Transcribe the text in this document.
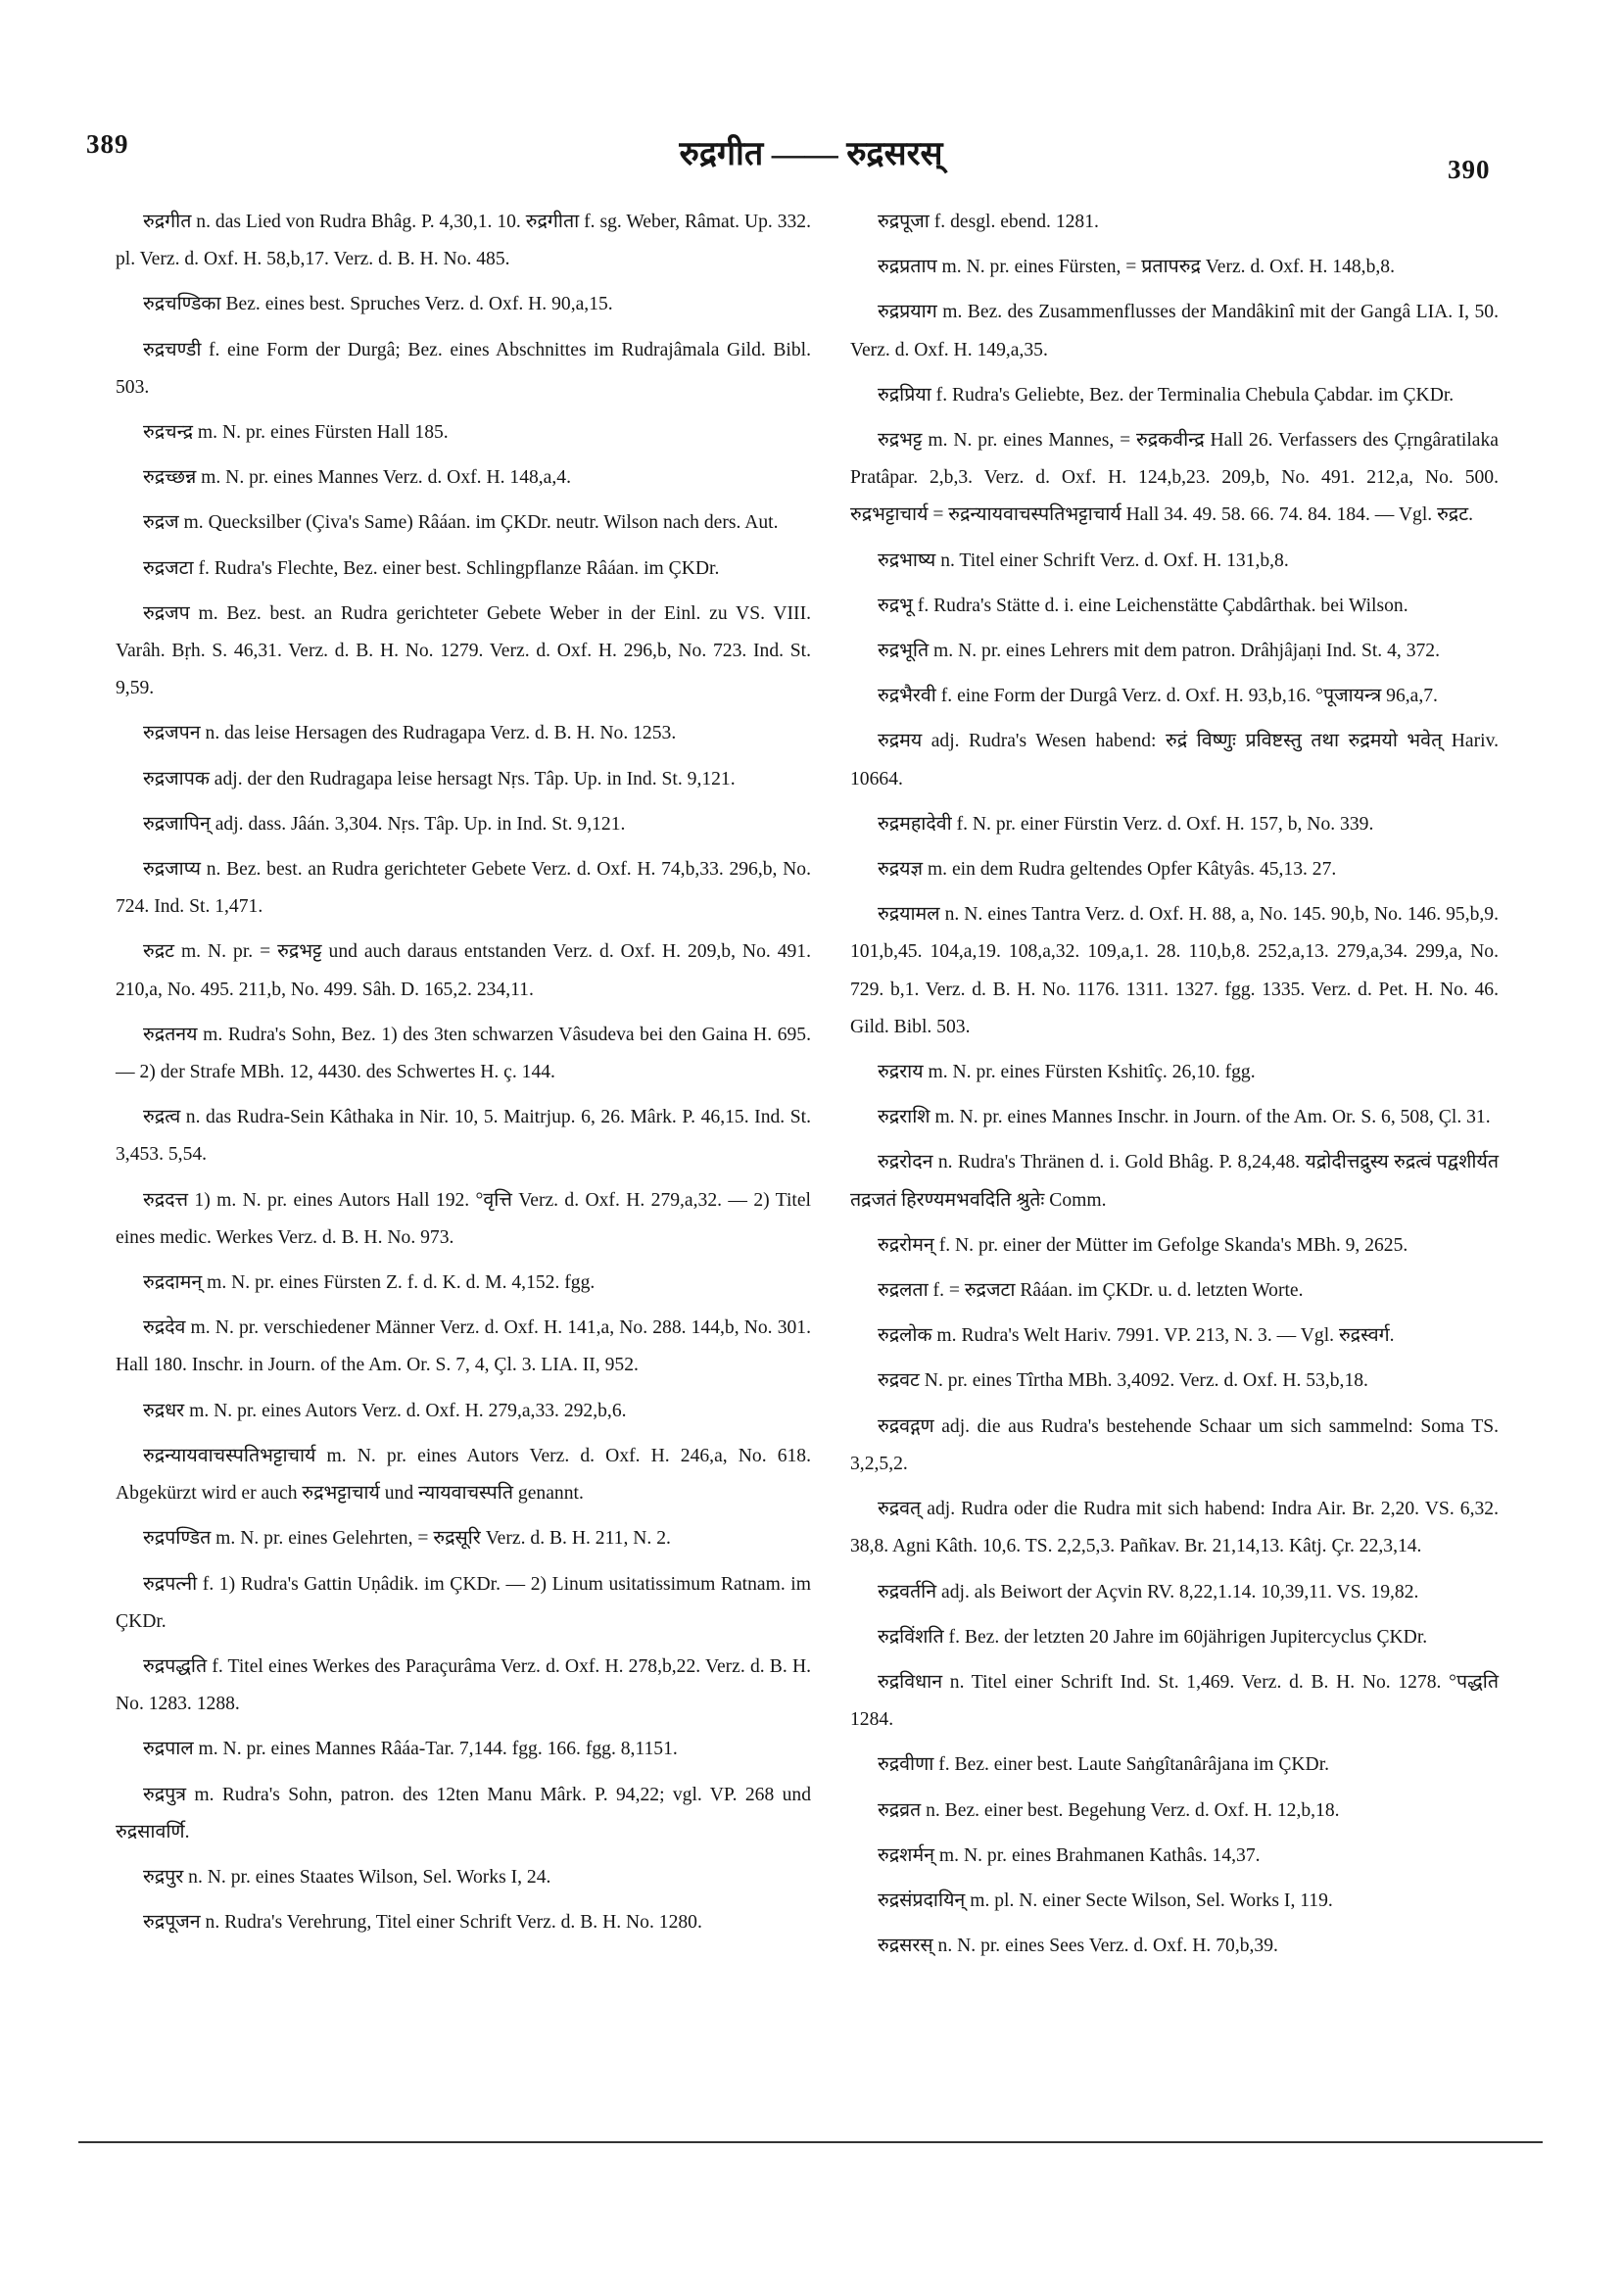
389	रुद्रगीत —— रुद्रसरस्	390
रुद्रगीत n. das Lied von Rudra Bhâg. P. 4,30,1. 10. रुद्रगीता f. sg. Weber, Râmat. Up. 332. pl. Verz. d. Oxf. H. 58,b,17. Verz. d. B. H. No. 485.
रुद्रचण्डिका Bez. eines best. Spruches Verz. d. Oxf. H. 90,a,15.
रुद्रचण्डी f. eine Form der Durgâ; Bez. eines Abschnittes im Rudrajâmala Gild. Bibl. 503.
रुद्रचन्द्र m. N. pr. eines Fürsten Hall 185.
रुद्रच्छन्न m. N. pr. eines Mannes Verz. d. Oxf. H. 148,a,4.
रुद्रज m. Quecksilber (Çiva's Same) Râáan. im ÇKDr. neutr. Wilson nach ders. Aut.
रुद्रजटा f. Rudra's Flechte, Bez. einer best. Schlingpflanze Râáan. im ÇKDr.
रुद्रजप m. Bez. best. an Rudra gerichteter Gebete Weber in der Einl. zu VS. VIII. Varâh. Bṛh. S. 46,31. Verz. d. B. H. No. 1279. Verz. d. Oxf. H. 296,b, No. 723. Ind. St. 9,59.
रुद्रजपन n. das leise Hersagen des Rudragapa Verz. d. B. H. No. 1253.
रुद्रजापक adj. der den Rudragapa leise hersagt Nṛs. Tâp. Up. in Ind. St. 9,121.
रुद्रजापिन् adj. dass. Jâán. 3,304. Nṛs. Tâp. Up. in Ind. St. 9,121.
रुद्रजाप्य n. Bez. best. an Rudra gerichteter Gebete Verz. d. Oxf. H. 74,b,33. 296,b, No. 724. Ind. St. 1,471.
रुद्रट m. N. pr. = रुद्रभट्ट und auch daraus entstanden Verz. d. Oxf. H. 209,b, No. 491. 210,a, No. 495. 211,b, No. 499. Sâh. D. 165,2. 234,11.
रुद्रतनय m. Rudra's Sohn, Bez. 1) des 3ten schwarzen Vâsudeva bei den Gaina H. 695. — 2) der Strafe MBh. 12, 4430. des Schwertes H. ç. 144.
रुद्रत्व n. das Rudra-Sein Kâthaka in Nir. 10, 5. Maitrjup. 6, 26. Mârk. P. 46,15. Ind. St. 3,453. 5,54.
रुद्रदत्त 1) m. N. pr. eines Autors Hall 192. °वृत्ति Verz. d. Oxf. H. 279,a,32. — 2) Titel eines medic. Werkes Verz. d. B. H. No. 973.
रुद्रदामन् m. N. pr. eines Fürsten Z. f. d. K. d. M. 4,152. fgg.
रुद्रदेव m. N. pr. verschiedener Männer Verz. d. Oxf. H. 141,a, No. 288. 144,b, No. 301. Hall 180. Inschr. in Journ. of the Am. Or. S. 7, 4, Çl. 3. LIA. II, 952.
रुद्रधर m. N. pr. eines Autors Verz. d. Oxf. H. 279,a,33. 292,b,6.
रुद्रन्यायवाचस्पतिभट्टाचार्य m. N. pr. eines Autors Verz. d. Oxf. H. 246,a, No. 618. Abgekürzt wird er auch रुद्रभट्टाचार्य und न्यायवाचस्पति genannt.
रुद्रपण्डित m. N. pr. eines Gelehrten, = रुद्रसूरि Verz. d. B. H. 211, N. 2.
रुद्रपत्नी f. 1) Rudra's Gattin Uṇâdik. im ÇKDr. — 2) Linum usitatissimum Ratnam. im ÇKDr.
रुद्रपद्धति f. Titel eines Werkes des Paraçurâma Verz. d. Oxf. H. 278,b,22. Verz. d. B. H. No. 1283. 1288.
रुद्रपाल m. N. pr. eines Mannes Râáa-Tar. 7,144. fgg. 166. fgg. 8,1151.
रुद्रपुत्र m. Rudra's Sohn, patron. des 12ten Manu Mârk. P. 94,22; vgl. VP. 268 und रुद्रसावर्णि.
रुद्रपुर n. N. pr. eines Staates Wilson, Sel. Works I, 24.
रुद्रपूजन n. Rudra's Verehrung, Titel einer Schrift Verz. d. B. H. No. 1280.
रुद्रपूजा f. desgl. ebend. 1281.
रुद्रप्रताप m. N. pr. eines Fürsten, = प्रतापरुद्र Verz. d. Oxf. H. 148,b,8.
रुद्रप्रयाग m. Bez. des Zusammenflusses der Mandâkinî mit der Gangâ LIA. I, 50. Verz. d. Oxf. H. 149,a,35.
रुद्रप्रिया f. Rudra's Geliebte, Bez. der Terminalia Chebula Çabdar. im ÇKDr.
रुद्रभट्ट m. N. pr. eines Mannes, = रुद्रकवीन्द्र Hall 26. Verfassers des Çṛngâratilaka Pratâpar. 2,b,3. Verz. d. Oxf. H. 124,b,23. 209,b, No. 491. 212,a, No. 500. रुद्रभट्टाचार्य = रुद्रन्यायवाचस्पतिभट्टाचार्य Hall 34. 49. 58. 66. 74. 84. 184. — Vgl. रुद्रट.
रुद्रभाष्य n. Titel einer Schrift Verz. d. Oxf. H. 131,b,8.
रुद्रभू f. Rudra's Stätte d. i. eine Leichenstätte Çabdârthak. bei Wilson.
रुद्रभूति m. N. pr. eines Lehrers mit dem patron. Drâhjâjaṇi Ind. St. 4, 372.
रुद्रभैरवी f. eine Form der Durgâ Verz. d. Oxf. H. 93,b,16. °पूजायन्त्र 96,a,7.
रुद्रमय adj. Rudra's Wesen habend: रुद्रं विष्णुः प्रविष्टस्तु तथा रुद्रमयो भवेत् Hariv. 10664.
रुद्रमहादेवी f. N. pr. einer Fürstin Verz. d. Oxf. H. 157, b, No. 339.
रुद्रयज्ञ m. ein dem Rudra geltendes Opfer Kâtyâs. 45,13. 27.
रुद्रयामल n. N. eines Tantra Verz. d. Oxf. H. 88, a, No. 145. 90,b, No. 146. 95,b,9. 101,b,45. 104,a,19. 108,a,32. 109,a,1. 28. 110,b,8. 252,a,13. 279,a,34. 299,a, No. 729. b,1. Verz. d. B. H. No. 1176. 1311. 1327. fgg. 1335. Verz. d. Pet. H. No. 46. Gild. Bibl. 503.
रुद्रराय m. N. pr. eines Fürsten Kshitîç. 26,10. fgg.
रुद्रराशि m. N. pr. eines Mannes Inschr. in Journ. of the Am. Or. S. 6, 508, Çl. 31.
रुद्ररोदन n. Rudra's Thränen d. i. Gold Bhâg. P. 8,24,48. यद्रोदीत्तद्रुस्य रुद्रत्वं पद्वशीर्यत तद्रजतं हिरण्यमभवदिति श्रुतेः Comm.
रुद्ररोमन् f. N. pr. einer der Mütter im Gefolge Skanda's MBh. 9, 2625.
रुद्रलता f. = रुद्रजटा Râáan. im ÇKDr. u. d. letzten Worte.
रुद्रलोक m. Rudra's Welt Hariv. 7991. VP. 213, N. 3. — Vgl. रुद्रस्वर्ग.
रुद्रवट N. pr. eines Tîrtha MBh. 3,4092. Verz. d. Oxf. H. 53,b,18.
रुद्रवद्गण adj. die aus Rudra's bestehende Schaar um sich sammelnd: Soma TS. 3,2,5,2.
रुद्रवत् adj. Rudra oder die Rudra mit sich habend: Indra Air. Br. 2,20. VS. 6,32. 38,8. Agni Kâth. 10,6. TS. 2,2,5,3. Pañkav. Br. 21,14,13. Kâtj. Çr. 22,3,14.
रुद्रवर्तनि adj. als Beiwort der Açvin RV. 8,22,1.14. 10,39,11. VS. 19,82.
रुद्रविंशति f. Bez. der letzten 20 Jahre im 60jährigen Jupitercyclus ÇKDr.
रुद्रविधान n. Titel einer Schrift Ind. St. 1,469. Verz. d. B. H. No. 1278. °पद्धति 1284.
रुद्रवीणा f. Bez. einer best. Laute Saṅgîtanârâjana im ÇKDr.
रुद्रव्रत n. Bez. einer best. Begehung Verz. d. Oxf. H. 12,b,18.
रुद्रशर्मन् m. N. pr. eines Brahmanen Kathâs. 14,37.
रुद्रसंप्रदायिन् m. pl. N. einer Secte Wilson, Sel. Works I, 119.
रुद्रसरस् n. N. pr. eines Sees Verz. d. Oxf. H. 70,b,39.
